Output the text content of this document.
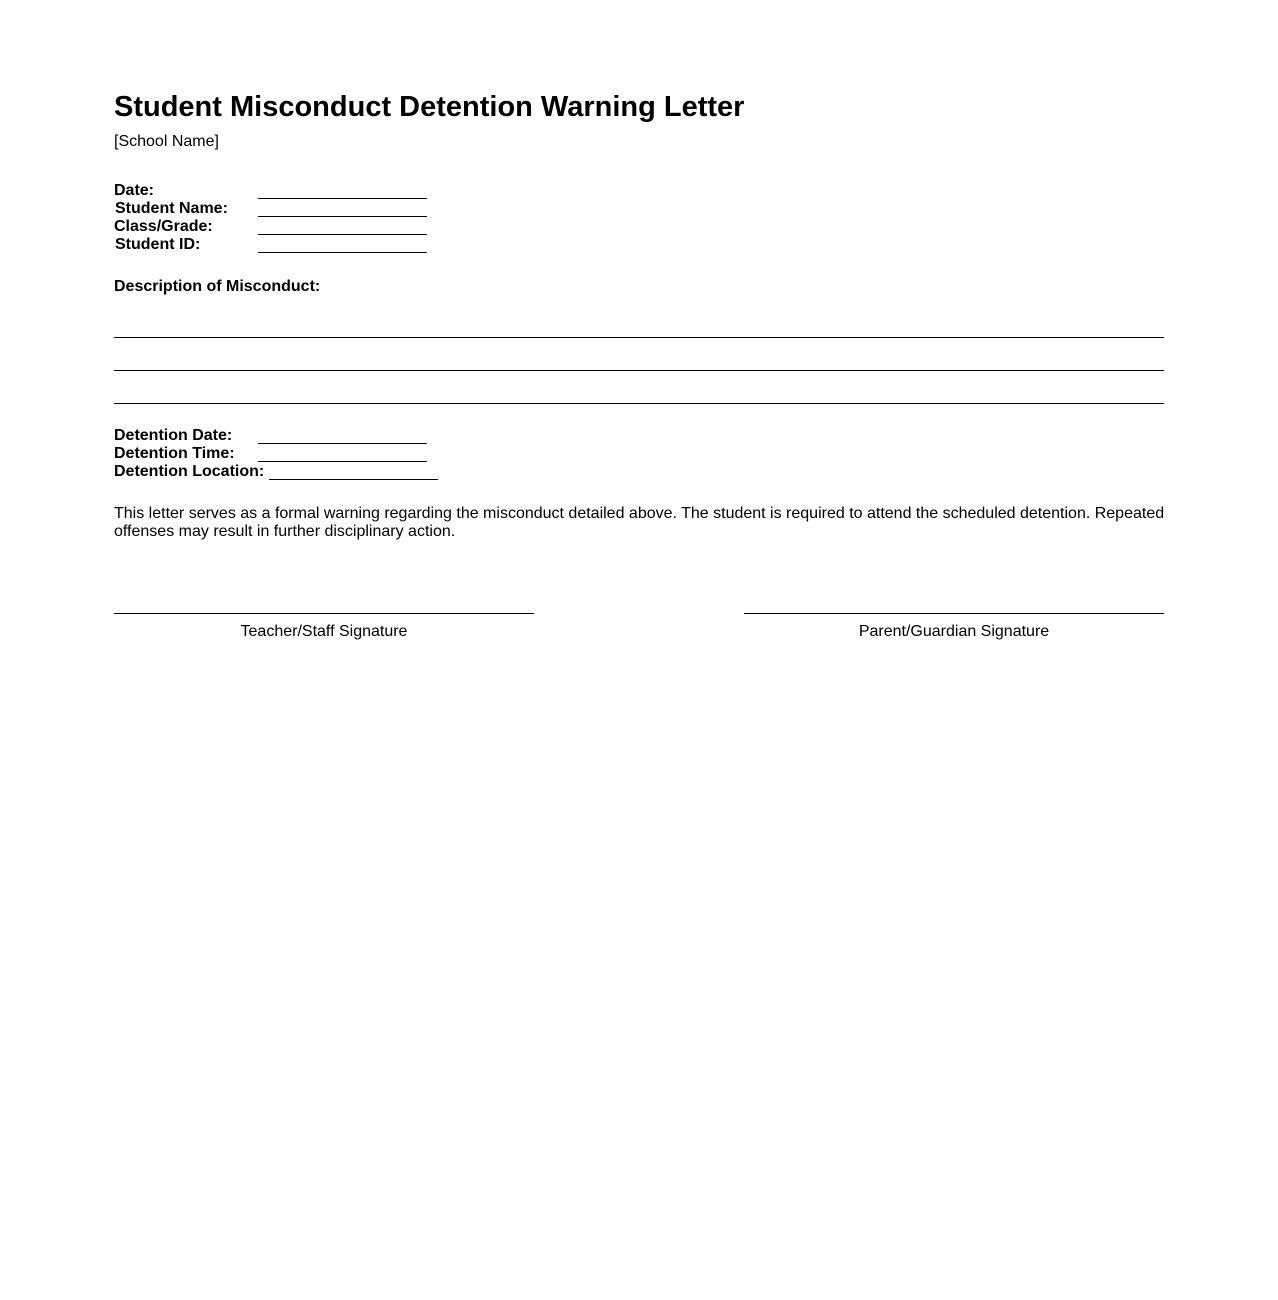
Student Misconduct Detention Warning Letter
[School Name]
Date:
Student Name:
Class/Grade:
Student ID:
Description of Misconduct:
Detention Date:
Detention Time:
Detention Location:

This letter serves as a formal warning regarding the misconduct detailed above. The student is required to attend the scheduled detention. Repeated offenses may result in further disciplinary action.

Teacher/Staff Signature	Parent/Guardian Signature
